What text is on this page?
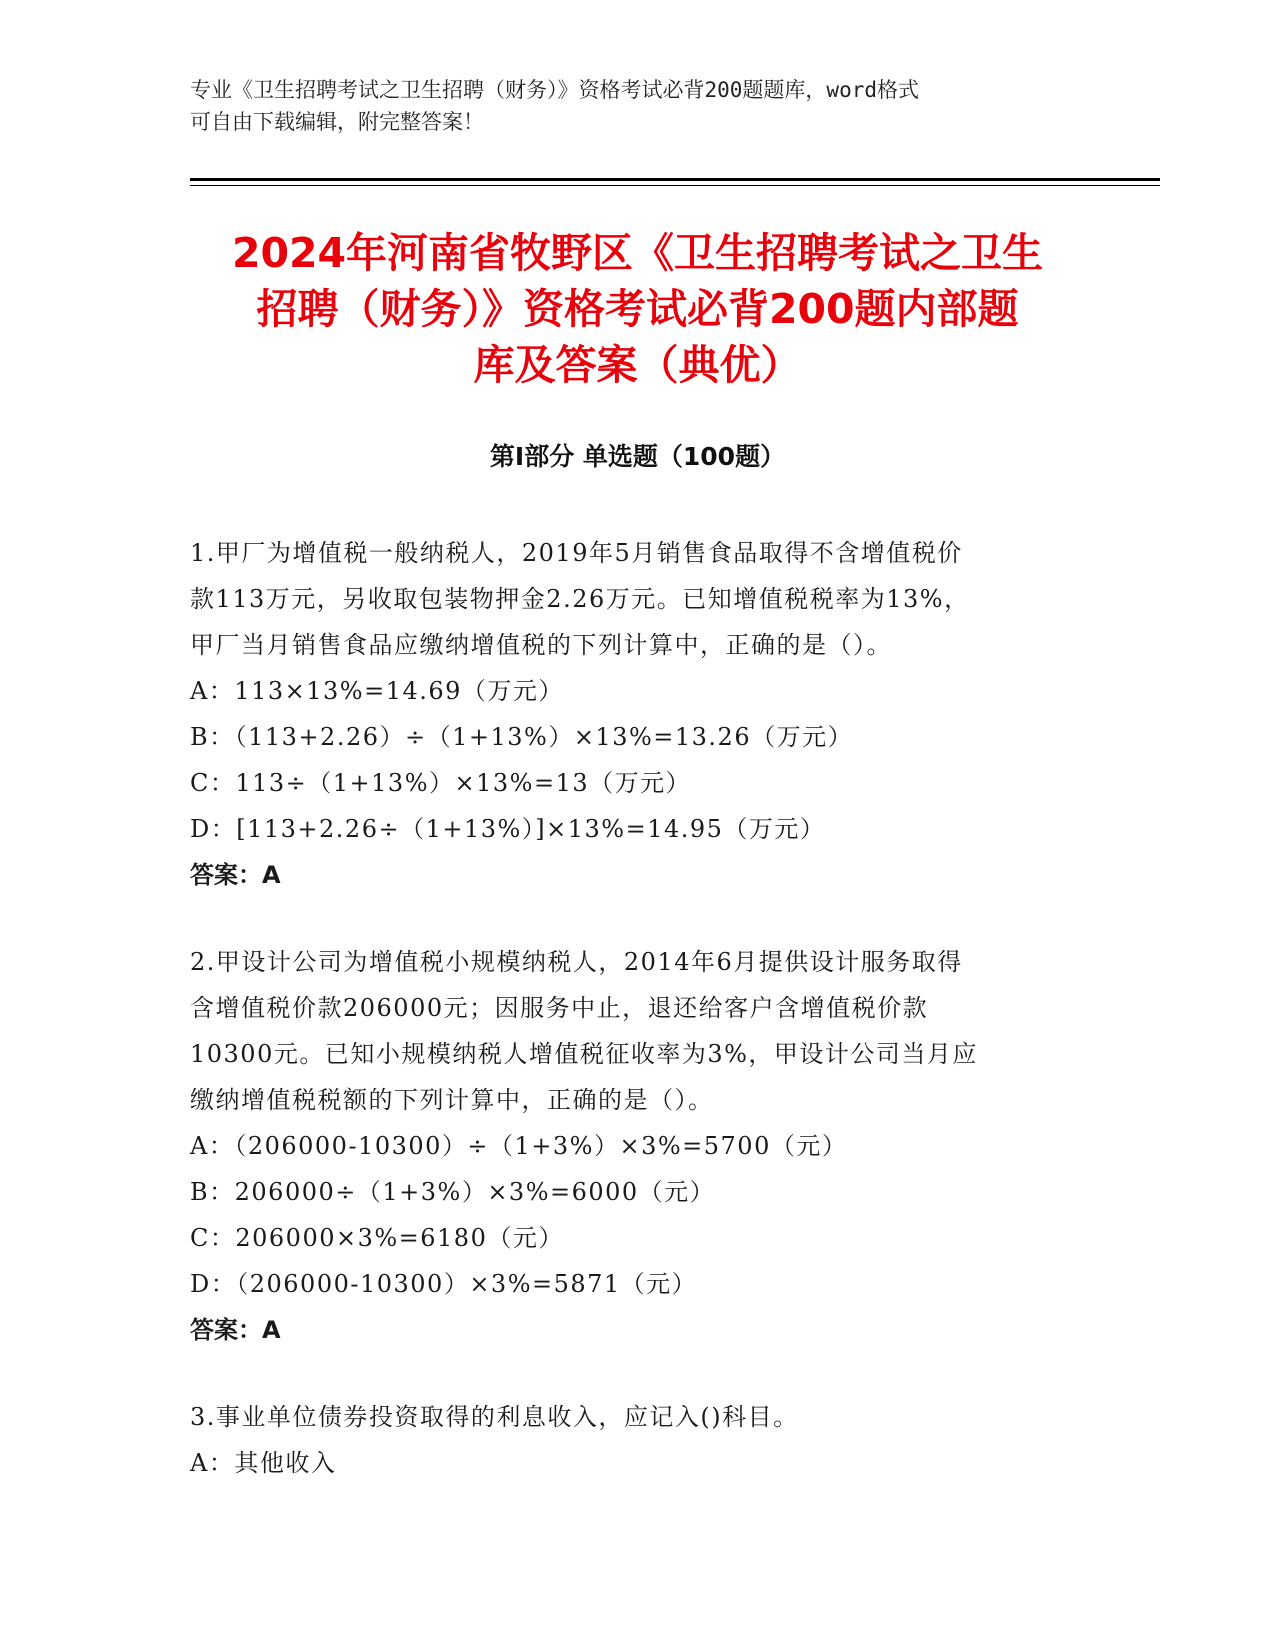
专业《卫生招聘考试之卫生招聘（财务）》资格考试必背200题题库，word格式
可自由下载编辑，附完整答案！
2024年河南省牧野区《卫生招聘考试之卫生
招聘（财务）》资格考试必背200题内部题
库及答案（典优）
第Ⅰ部分 单选题（100题）
1.甲厂为增值税一般纳税人，2019年5月销售食品取得不含增值税价
款113万元，另收取包装物押金2.26万元。已知增值税税率为13%，
甲厂当月销售食品应缴纳增值税的下列计算中，正确的是（）。
A：113×13%=14.69（万元）
B：（113+2.26）÷（1+13%）×13%=13.26（万元）
C：113÷（1+13%）×13%=13（万元）
D：[113+2.26÷（1+13%）]×13%=14.95（万元）
答案：A
2.甲设计公司为增值税小规模纳税人，2014年6月提供设计服务取得
含增值税价款206000元；因服务中止，退还给客户含增值税价款
10300元。已知小规模纳税人增值税征收率为3%，甲设计公司当月应
缴纳增值税税额的下列计算中，正确的是（）。
A：（206000-10300）÷（1+3%）×3%=5700（元）
B：206000÷（1+3%）×3%=6000（元）
C：206000×3%=6180（元）
D：（206000-10300）×3%=5871（元）
答案：A
3.事业单位债券投资取得的利息收入，应记入()科目。
A：其他收入
